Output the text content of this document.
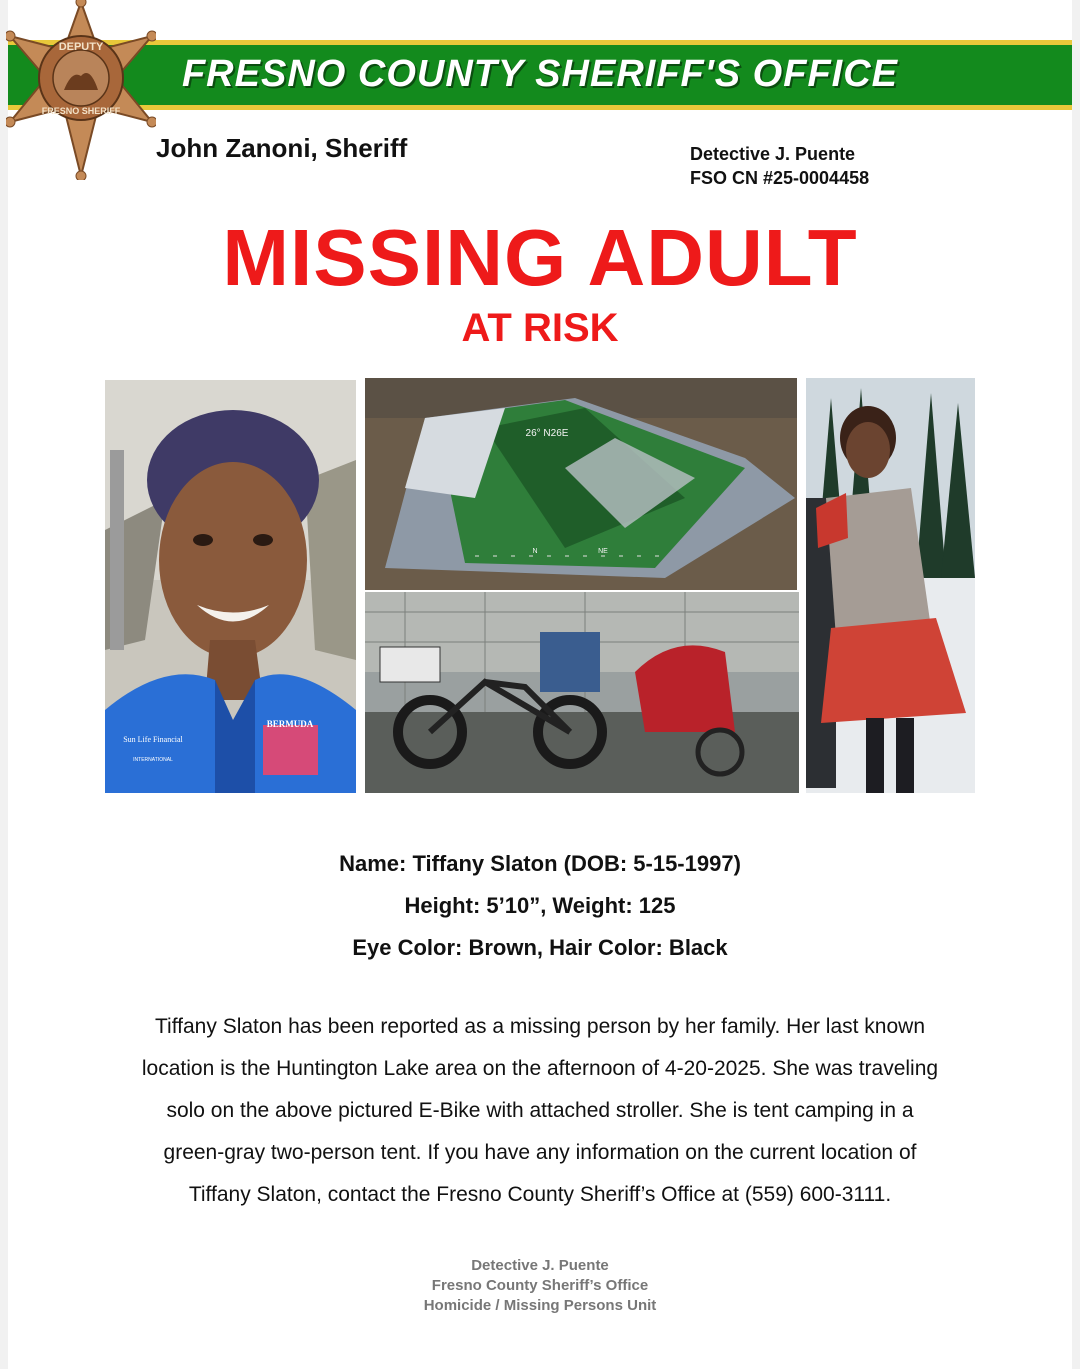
FRESNO COUNTY SHERIFF'S OFFICE
DEPUTY
FRESNO SHERIFF
John Zanoni, Sheriff	Detective J. Puente
FSO CN #25-0004458
MISSING ADULT
AT RISK
BERMUDA
Sun Life Financial
INTERNATIONAL
26° N26E
N	NE
Name: Tiffany Slaton (DOB: 5-15-1997)
Height: 5’10”, Weight: 125
Eye Color: Brown, Hair Color: Black
Tiffany Slaton has been reported as a missing person by her family. Her last known
location is the Huntington Lake area on the afternoon of 4-20-2025. She was traveling
solo on the above pictured E-Bike with attached stroller. She is tent camping in a
green-gray two-person tent. If you have any information on the current location of
Tiffany Slaton, contact the Fresno County Sheriff’s Office at (559) 600-3111.
Detective J. Puente
Fresno County Sheriff’s Office
Homicide / Missing Persons Unit
